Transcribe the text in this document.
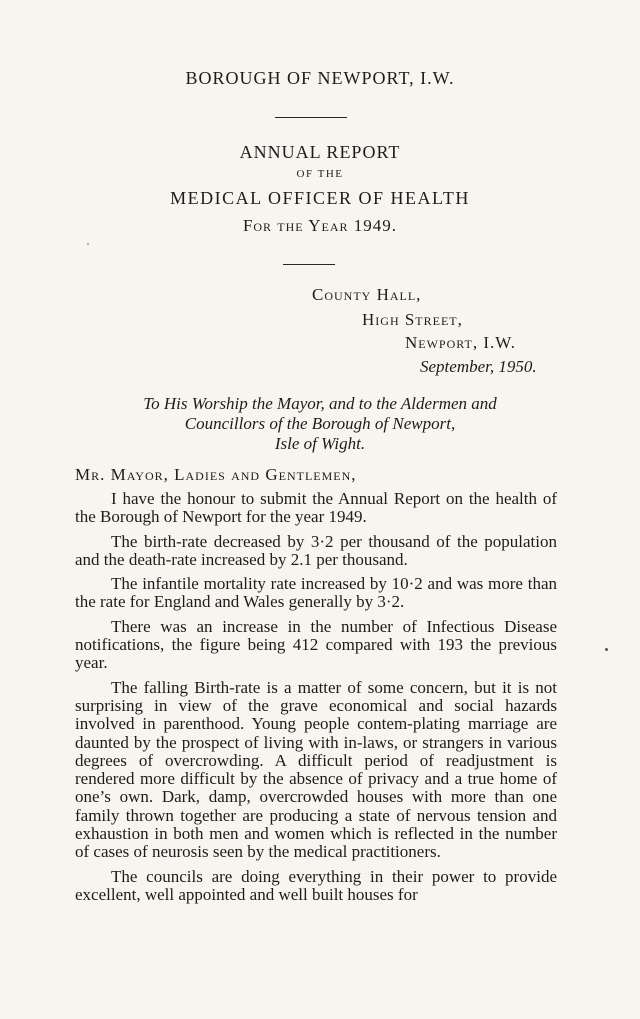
BOROUGH OF NEWPORT, I.W.
ANNUAL REPORT
OF THE
MEDICAL OFFICER OF HEALTH
For the Year 1949.
County Hall,
High Street,
Newport, I.W.
September, 1950.
To His Worship the Mayor, and to the Aldermen and
Councillors of the Borough of Newport,
Isle of Wight.
Mr. Mayor, Ladies and Gentlemen,

I have the honour to submit the Annual Report on the health of the Borough of Newport for the year 1949.

The birth-rate decreased by 3·2 per thousand of the population and the death-rate increased by 2.1 per thousand.

The infantile mortality rate increased by 10·2 and was more than the rate for England and Wales generally by 3·2.

There was an increase in the number of Infectious Disease notifications, the figure being 412 compared with 193 the previous year.

The falling Birth-rate is a matter of some concern, but it is not surprising in view of the grave economical and social hazards involved in parenthood. Young people contem-plating marriage are daunted by the prospect of living with in-laws, or strangers in various degrees of overcrowding. A difficult period of readjustment is rendered more difficult by the absence of privacy and a true home of one’s own. Dark, damp, overcrowded houses with more than one family thrown together are producing a state of nervous tension and exhaustion in both men and women which is reflected in the number of cases of neurosis seen by the medical practitioners.

The councils are doing everything in their power to provide excellent, well appointed and well built houses for
